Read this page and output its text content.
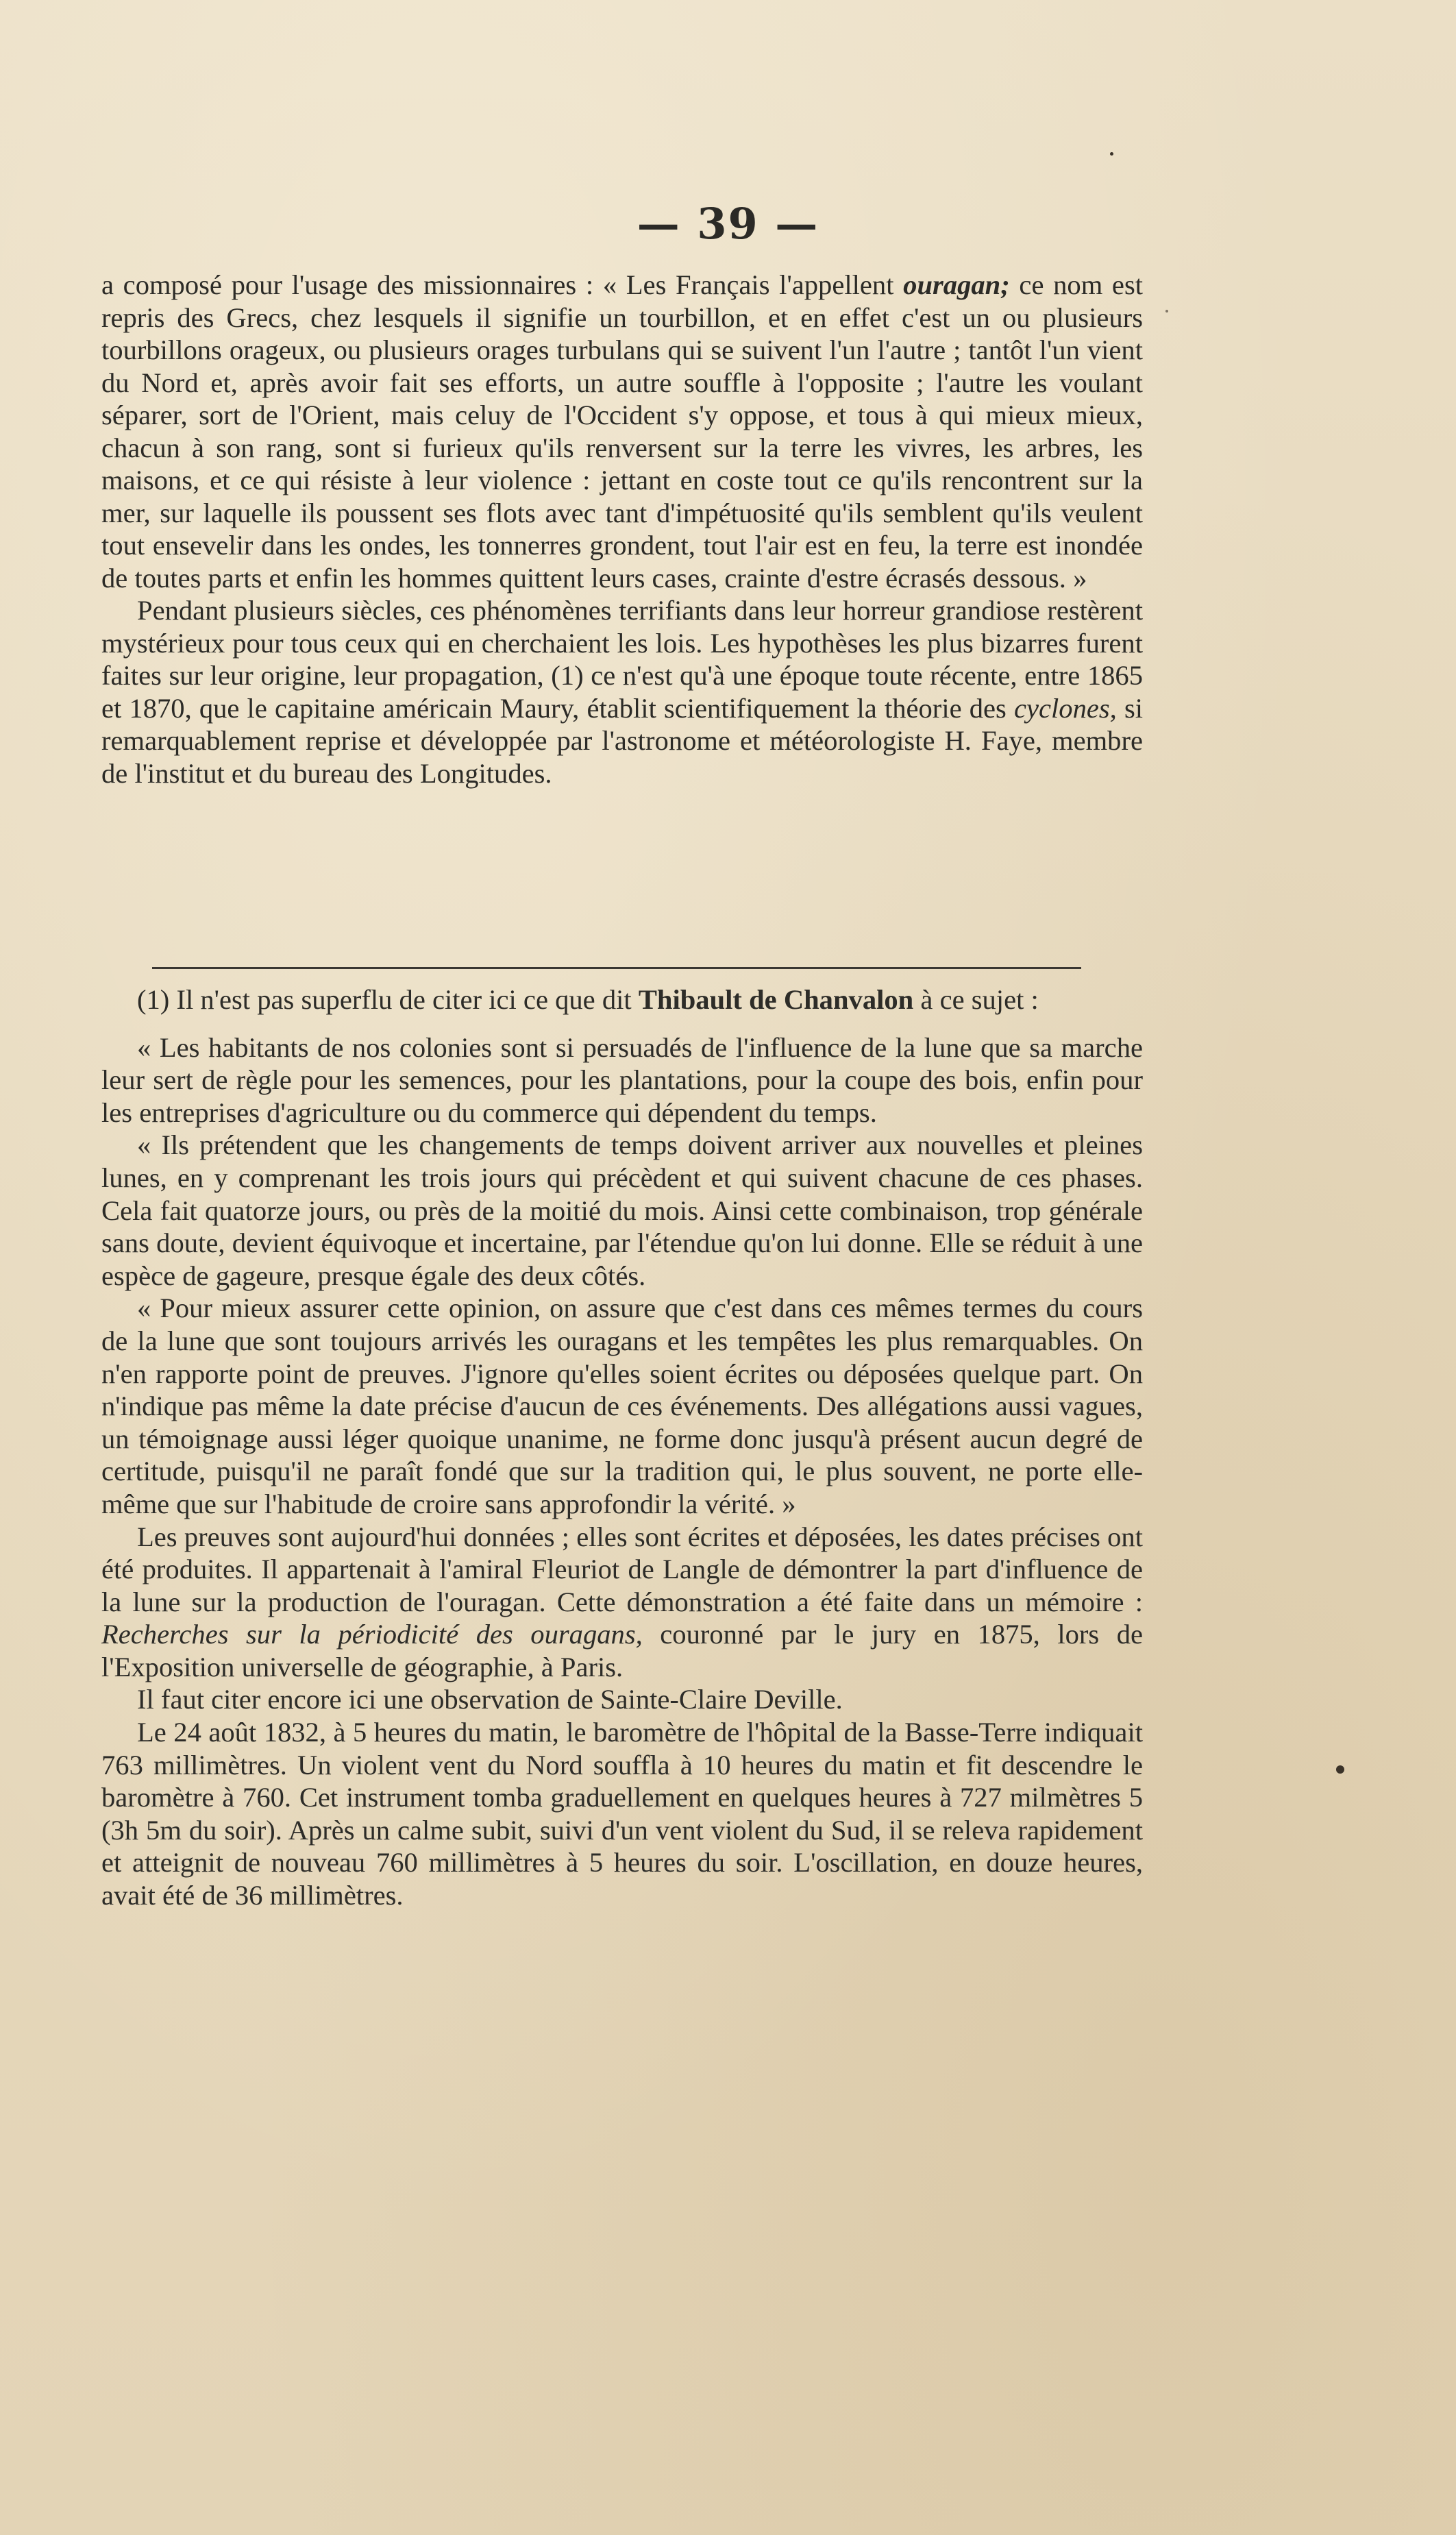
— 39 —

a composé pour l'usage des missionnaires : « Les Français l'appellent ouragan; ce nom est repris des Grecs, chez lesquels il signifie un tourbillon, et en effet c'est un ou plusieurs tourbillons orageux, ou plusieurs orages turbulans qui se suivent l'un l'autre ; tantôt l'un vient du Nord et, après avoir fait ses efforts, un autre souffle à l'opposite ; l'autre les voulant séparer, sort de l'Orient, mais celuy de l'Occident s'y oppose, et tous à qui mieux mieux, chacun à son rang, sont si furieux qu'ils renversent sur la terre les vivres, les arbres, les maisons, et ce qui résiste à leur violence : jettant en coste tout ce qu'ils rencontrent sur la mer, sur laquelle ils poussent ses flots avec tant d'impétuosité qu'ils semblent qu'ils veulent tout ensevelir dans les ondes, les tonnerres grondent, tout l'air est en feu, la terre est inondée de toutes parts et enfin les hommes quittent leurs cases, crainte d'estre écrasés dessous. »

Pendant plusieurs siècles, ces phénomènes terrifiants dans leur horreur grandiose restèrent mystérieux pour tous ceux qui en cherchaient les lois. Les hypothèses les plus bizarres furent faites sur leur origine, leur propagation, (1) ce n'est qu'à une époque toute récente, entre 1865 et 1870, que le capitaine américain Maury, établit scientifiquement la théorie des cyclones, si remarquablement reprise et développée par l'astronome et météorologiste H. Faye, membre de l'institut et du bureau des Longitudes.

(1) Il n'est pas superflu de citer ici ce que dit Thibault de Chanvalon à ce sujet :

« Les habitants de nos colonies sont si persuadés de l'influence de la lune que sa marche leur sert de règle pour les semences, pour les plantations, pour la coupe des bois, enfin pour les entreprises d'agriculture ou du commerce qui dépendent du temps.

« Ils prétendent que les changements de temps doivent arriver aux nouvelles et pleines lunes, en y comprenant les trois jours qui précèdent et qui suivent chacune de ces phases. Cela fait quatorze jours, ou près de la moitié du mois. Ainsi cette combinaison, trop générale sans doute, devient équivoque et incertaine, par l'étendue qu'on lui donne. Elle se réduit à une espèce de gageure, presque égale des deux côtés.

« Pour mieux assurer cette opinion, on assure que c'est dans ces mêmes termes du cours de la lune que sont toujours arrivés les ouragans et les tempêtes les plus remarquables. On n'en rapporte point de preuves. J'ignore qu'elles soient écrites ou déposées quelque part. On n'indique pas même la date précise d'aucun de ces événements. Des allégations aussi vagues, un témoignage aussi léger quoique unanime, ne forme donc jusqu'à présent aucun degré de certitude, puisqu'il ne paraît fondé que sur la tradition qui, le plus souvent, ne porte elle-même que sur l'habitude de croire sans approfondir la vérité. »

Les preuves sont aujourd'hui données ; elles sont écrites et déposées, les dates précises ont été produites. Il appartenait à l'amiral Fleuriot de Langle de démontrer la part d'influence de la lune sur la production de l'ouragan. Cette démonstration a été faite dans un mémoire : Recherches sur la périodicité des ouragans, couronné par le jury en 1875, lors de l'Exposition universelle de géographie, à Paris.

Il faut citer encore ici une observation de Sainte-Claire Deville.

Le 24 août 1832, à 5 heures du matin, le baromètre de l'hôpital de la Basse-Terre indiquait 763 millimètres. Un violent vent du Nord souffla à 10 heures du matin et fit descendre le baromètre à 760. Cet instrument tomba graduellement en quelques heures à 727 milmètres 5 (3h 5m du soir). Après un calme subit, suivi d'un vent violent du Sud, il se releva rapidement et atteignit de nouveau 760 millimètres à 5 heures du soir. L'oscillation, en douze heures, avait été de 36 millimètres.
